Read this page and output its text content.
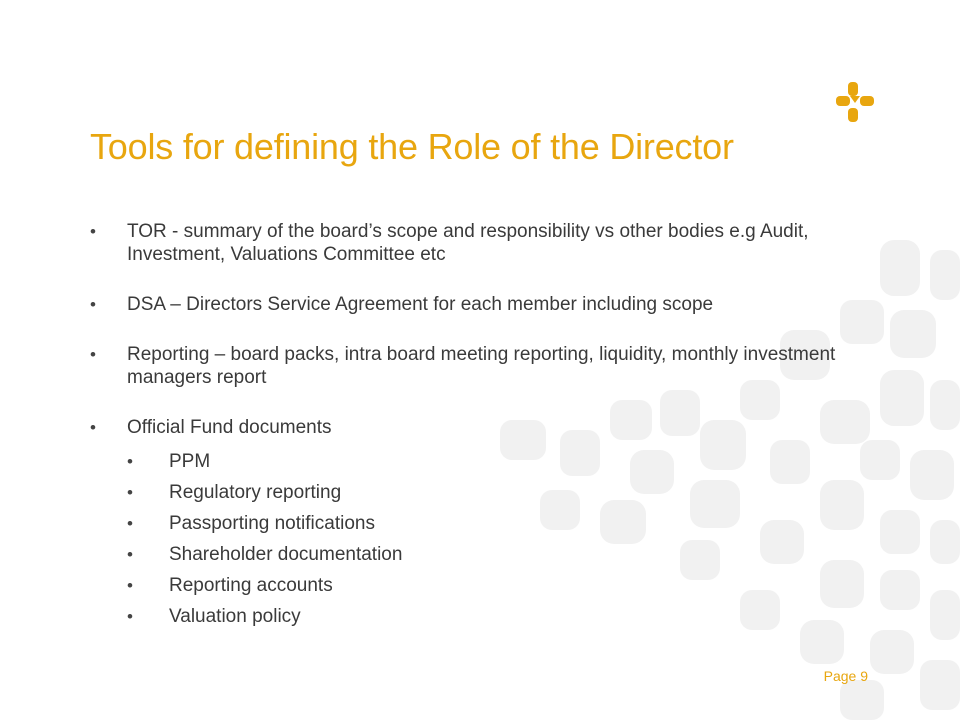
Tools for defining the Role of the Director
• TOR - summary of the board’s scope and responsibility vs other bodies e.g Audit, Investment, Valuations Committee etc
• DSA – Directors Service Agreement for each member including scope
• Reporting – board packs, intra board meeting reporting, liquidity, monthly investment managers report
• Official Fund documents
• PPM
• Regulatory reporting
• Passporting notifications
• Shareholder documentation
• Reporting accounts
• Valuation policy
Page 9
